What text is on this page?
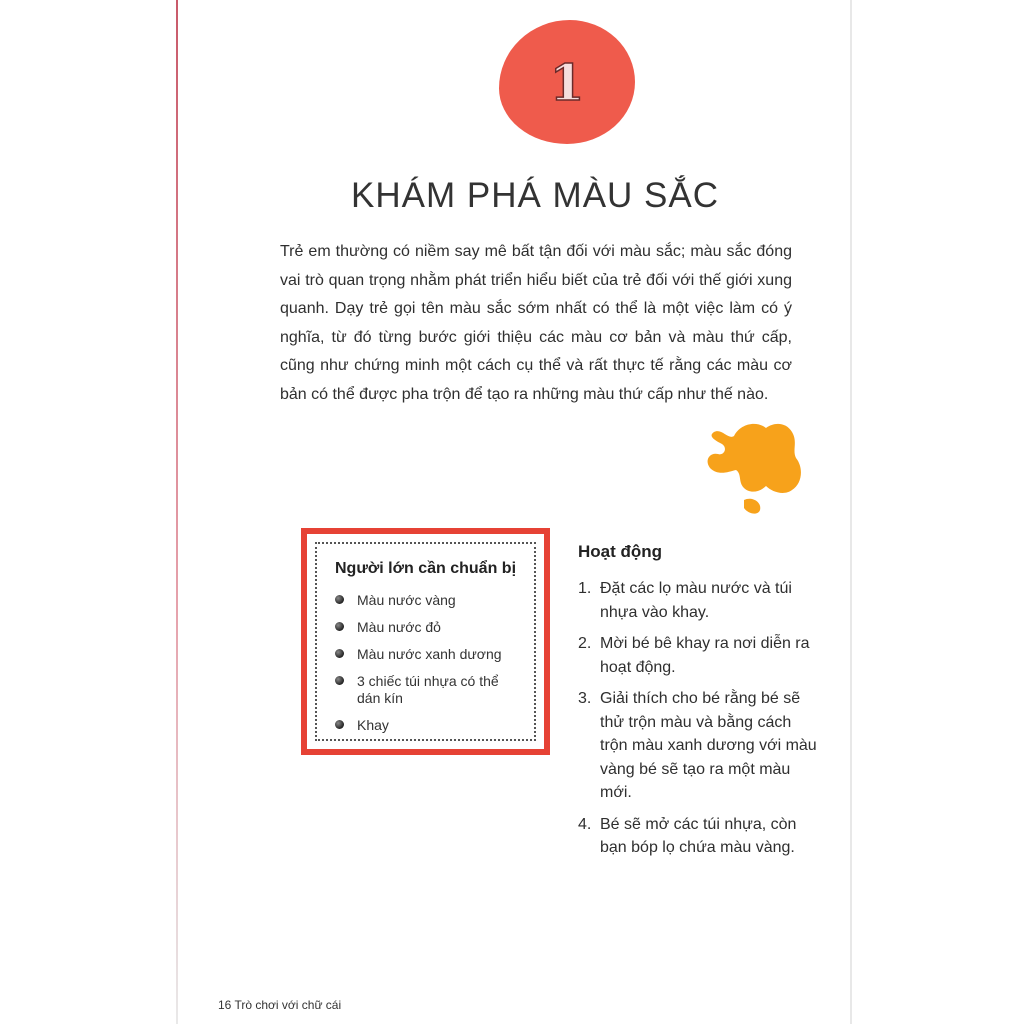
1
KHÁM PHÁ MÀU SẮC

Trẻ em thường có niềm say mê bất tận đối với màu sắc; màu sắc đóng vai trò quan trọng nhằm phát triển hiểu biết của trẻ đối với thế giới xung quanh. Dạy trẻ gọi tên màu sắc sớm nhất có thể là một việc làm có ý nghĩa, từ đó từng bước giới thiệu các màu cơ bản và màu thứ cấp, cũng như chứng minh một cách cụ thể và rất thực tế rằng các màu cơ bản có thể được pha trộn để tạo ra những màu thứ cấp như thế nào.

Người lớn cần chuẩn bị
Màu nước vàng
Màu nước đỏ
Màu nước xanh dương
3 chiếc túi nhựa có thể dán kín
Khay
Hoạt động
1. Đặt các lọ màu nước và túi nhựa vào khay.
2. Mời bé bê khay ra nơi diễn ra hoạt động.
3. Giải thích cho bé rằng bé sẽ thử trộn màu và bằng cách trộn màu xanh dương với màu vàng bé sẽ tạo ra một màu mới.
4. Bé sẽ mở các túi nhựa, còn bạn bóp lọ chứa màu vàng.
16 Trò chơi với chữ cái
